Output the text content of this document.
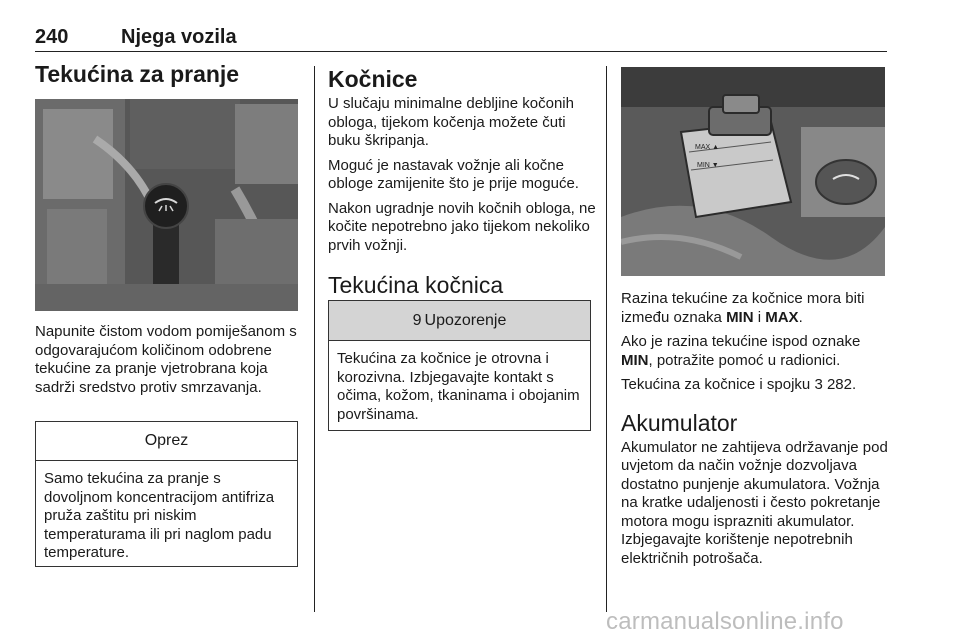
240	Njega vozila
Tekućina za pranje

Napunite čistom vodom pomiješanom s odgovarajućom količinom odobrene tekućine za pranje vjetrobrana koja sadrži sredstvo protiv smrzavanja.

Oprez
Samo tekućina za pranje s dovoljnom koncentracijom antifriza pruža zaštitu pri niskim temperaturama ili pri naglom padu temperature.
Kočnice

U slučaju minimalne debljine kočonih obloga, tijekom kočenja možete čuti buku škripanja.

Moguć je nastavak vožnje ali kočne obloge zamijenite što je prije moguće.

Nakon ugradnje novih kočnih obloga, ne kočite nepotrebno jako tijekom nekoliko prvih vožnji.

Tekućina kočnica
9 Upozorenje
Tekućina za kočnice je otrovna i korozivna. Izbjegavajte kontakt s očima, kožom, tkaninama i obojanim površinama.
MAX ▲
MIN ▼

Razina tekućine za kočnice mora biti između oznaka MIN i MAX.

Ako je razina tekućine ispod oznake MIN, potražite pomoć u radionici.

Tekućina za kočnice i spojku 3 282.

Akumulator

Akumulator ne zahtijeva održavanje pod uvjetom da način vožnje dozvoljava dostatno punjenje akumulatora. Vožnja na kratke udaljenosti i često pokretanje motora mogu isprazniti akumulator.

Izbjegavajte korištenje nepotrebnih električnih potrošača.

carmanualsonline.info
